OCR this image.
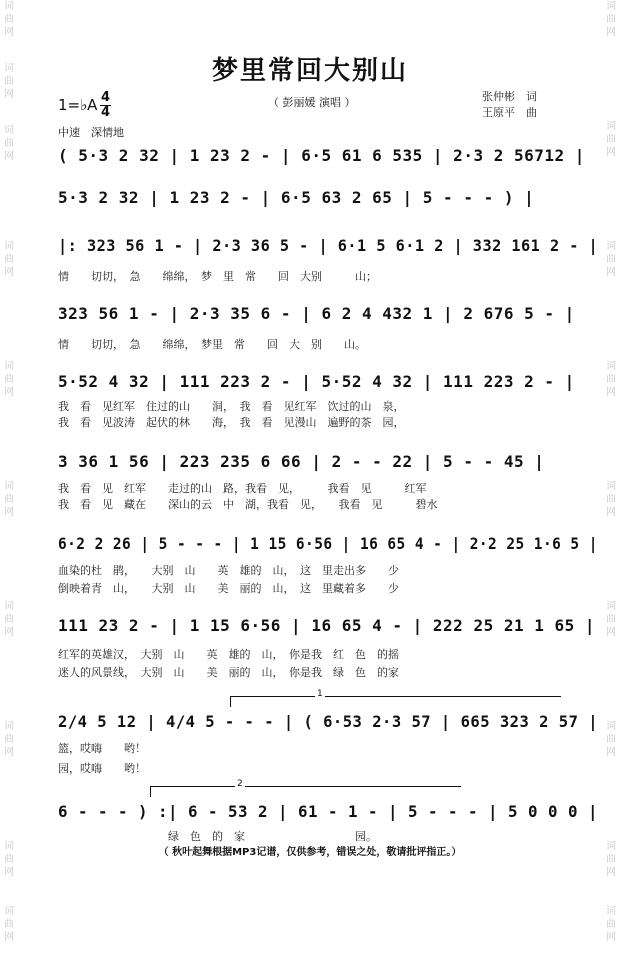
词
曲
网
词
曲
网
词
曲
网
词
曲
网
词
曲
网
词
曲
网
词
曲
网
词
曲
网
词
曲
网
词
曲
网
词
曲
网
词
曲
网
词
曲
网
词
曲
网
词
曲
网
词
曲
网
词
曲
网
词
曲
网
词
曲
网
梦里常回大别山
（ 彭丽媛 演唱 ）	张仲彬　词
王原平　曲
1=♭A 4
4
中速　深情地
( 5·3 2 32 | 1 23 2 - | 6·5 61 6 535 | 2·3 2 56712 |
5·3 2 32 | 1 23 2 - | 6·5 63 2 65 | 5 - - - ) |
|: 323 56 1 - | 2·3 36 5 - | 6·1 5 6·1 2 | 332 161 2 - |
情　　切切，　急　　绵绵，　梦　里　常　　回　大别　　　山；
323 56 1 - | 2·3 35 6 - | 6 2 4 432 1 | 2 676 5 - |
情　　切切，　急　　绵绵，　梦里　常　　回　大　别　　山。
5·52 4 32 | 111 223 2 - | 5·52 4 32 | 111 223 2 - |
我　看　见红军　住过的山　　洞，　我　看　见红军　饮过的山　泉，
我　看　见波涛　起伏的林　　海，　我　看　见漫山　遍野的茶　园，
3 36 1 56 | 223 235 6 66 | 2 - - 22 | 5 - - 45 |
我　看　见　红军　　走过的山　路，我看　见，　　　我看　见　　　红军
我　看　见　藏在　　深山的云　中　湖，我看　见，　　我看　见　　　碧水
6·2 2 26 | 5 - - - | 1 15 6·56 | 16 65 4 - | 2·2 25 1·6 5 |
血染的杜　鹃，　　大别　山　　英　雄的　山，　这　里走出多　　少
倒映着青　山，　　大别　山　　美　丽的　山，　这　里藏着多　　少
111 23 2 - | 1 15 6·56 | 16 65 4 - | 222 25 21 1 65 |
红军的英雄汉，　大别　山　　英　雄的　山，　你是我　红　色　的摇
迷人的风景线，　大别　山　　美　丽的　山，　你是我　绿　色　的家
1
2/4 5 12 | 4/4 5 - - - | ( 6·53 2·3 57 | 665 323 2 57 |
篮，哎嗨　　哟！
园，哎嗨　　哟！
2
6 - - - ) :| 6 - 53 2 | 61 - 1 - | 5 - - - | 5 0 0 0 |
　　　　　　　　　　绿　色　的　家　　　　　　　　　　园。
（ 秋叶起舞根据MP3记谱，仅供参考，错误之处，敬请批评指正。）
